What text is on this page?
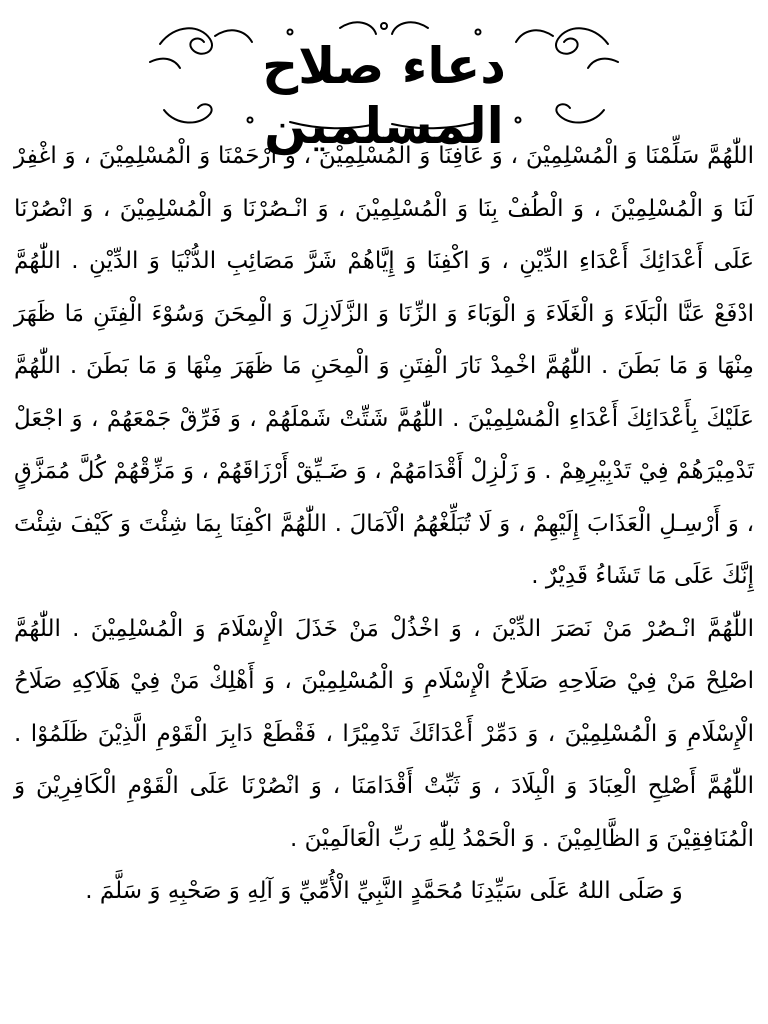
دعاء صلاح المسلمين

اللّٰهُمَّ سَلِّمْنَا وَ الْمُسْلِمِيْنَ ، وَ عَافِنَا وَ الْمُسْلِمِيْنَ ، وَ ارْحَمْنَا وَ الْمُسْلِمِيْنَ ، وَ اغْفِرْ لَنَا وَ الْمُسْلِمِيْنَ ، وَ الْطُفْ بِنَا وَ الْمُسْلِمِيْنَ ، وَ انْـصُرْنَا وَ الْمُسْلِمِيْنَ ، وَ انْصُرْنَا عَلَى أَعْدَائِكَ أَعْدَاءِ الدِّيْنِ ، وَ اكْفِنَا وَ إِيَّاهُمْ شَرَّ مَصَائِبِ الدُّنْيَا وَ الدِّيْنِ . اللّٰهُمَّ ادْفَعْ عَنَّا الْبَلَاءَ وَ الْغَلَاءَ وَ الْوَبَاءَ وَ الزِّنَا وَ الزَّلَازِلَ وَ الْمِحَنَ وَسُوْءَ الْفِتَنِ مَا ظَهَرَ مِنْهَا وَ مَا بَطَنَ . اللّٰهُمَّ اخْمِدْ نَارَ الْفِتَنِ وَ الْمِحَنِ مَا ظَهَرَ مِنْهَا وَ مَا بَطَنَ . اللّٰهُمَّ عَلَيْكَ بِأَعْدَائِكَ أَعْدَاءِ الْمُسْلِمِيْنَ . اللّٰهُمَّ شَتِّتْ شَمْلَهُمْ ، وَ فَرِّقْ جَمْعَهُمْ ، وَ اجْعَلْ تَدْمِيْرَهُمْ فِيْ تَدْبِيْرِهِمْ . وَ زَلْزِلْ أَقْدَامَهُمْ ، وَ ضَـيِّقْ أَرْزَاقَهُمْ ، وَ مَزِّقْهُمْ كُلَّ مُمَزَّقٍ ، وَ أَرْسِـلِ الْعَذَابَ إِلَيْهِمْ ، وَ لَا تُبَلِّغْهُمُ الْآمَالَ . اللّٰهُمَّ اكْفِنَا بِمَا شِئْتَ وَ كَيْفَ شِئْتَ إِنَّكَ عَلَى مَا تَشَاءُ قَدِيْرٌ .

اللّٰهُمَّ انْـصُرْ مَنْ نَصَرَ الدِّيْنَ ، وَ اخْذُلْ مَنْ خَذَلَ الْإِسْلَامَ وَ الْمُسْلِمِيْنَ . اللّٰهُمَّ اصْلِحْ مَنْ فِيْ صَلَاحِهِ صَلَاحُ الْإِسْلَامِ وَ الْمُسْلِمِيْنَ ، وَ أَهْلِكْ مَنْ فِيْ هَلَاكِهِ صَلَاحُ الْإِسْلَامِ وَ الْمُسْلِمِيْنَ ، وَ دَمِّرْ أَعْدَائَكَ تَدْمِيْرًا ، فَقْطَعْ دَابِرَ الْقَوْمِ الَّذِيْنَ ظَلَمُوْا . اللّٰهُمَّ أَصْلِحِ الْعِبَادَ وَ الْبِلَادَ ، وَ ثَبِّتْ أَقْدَامَنَا ، وَ انْصُرْنَا عَلَى الْقَوْمِ الْكَافِرِيْنَ وَ الْمُنَافِقِيْنَ وَ الظَّالِمِيْنَ . وَ الْحَمْدُ لِلّٰهِ رَبِّ الْعَالَمِيْنَ .

وَ صَلَى اللهُ عَلَى سَيِّدِنَا مُحَمَّدٍ النَّبِيِّ الْأُمِّيِّ وَ آلِهِ وَ صَحْبِهِ وَ سَلَّمَ .
